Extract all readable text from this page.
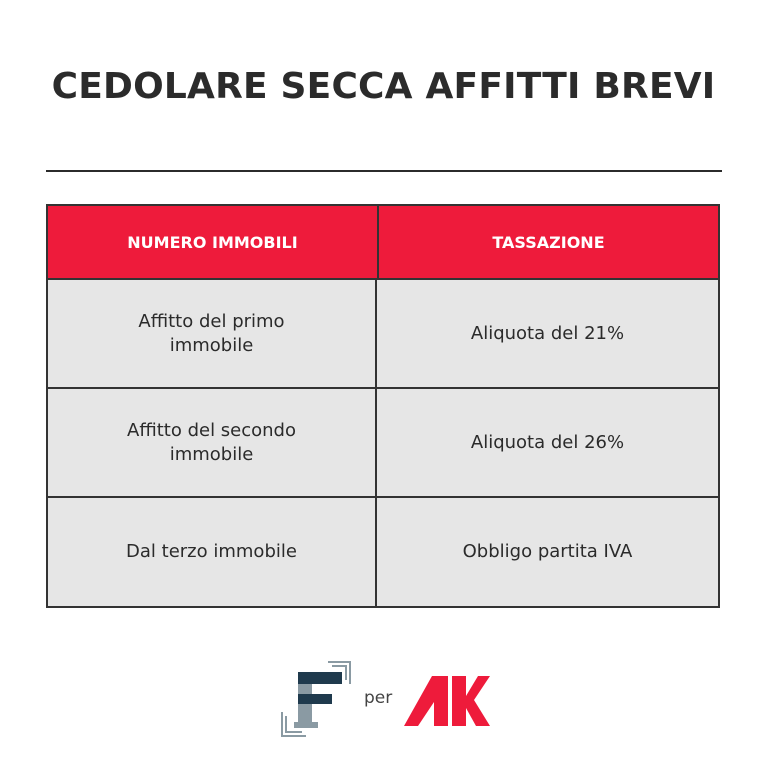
CEDOLARE SECCA AFFITTI BREVI
NUMERO IMMOBILI	TASSAZIONE
Affitto del primo
immobile
Aliquota del 21%
Affitto del secondo
immobile
Aliquota del 26%
Dal terzo immobile	Obbligo partita IVA
per
